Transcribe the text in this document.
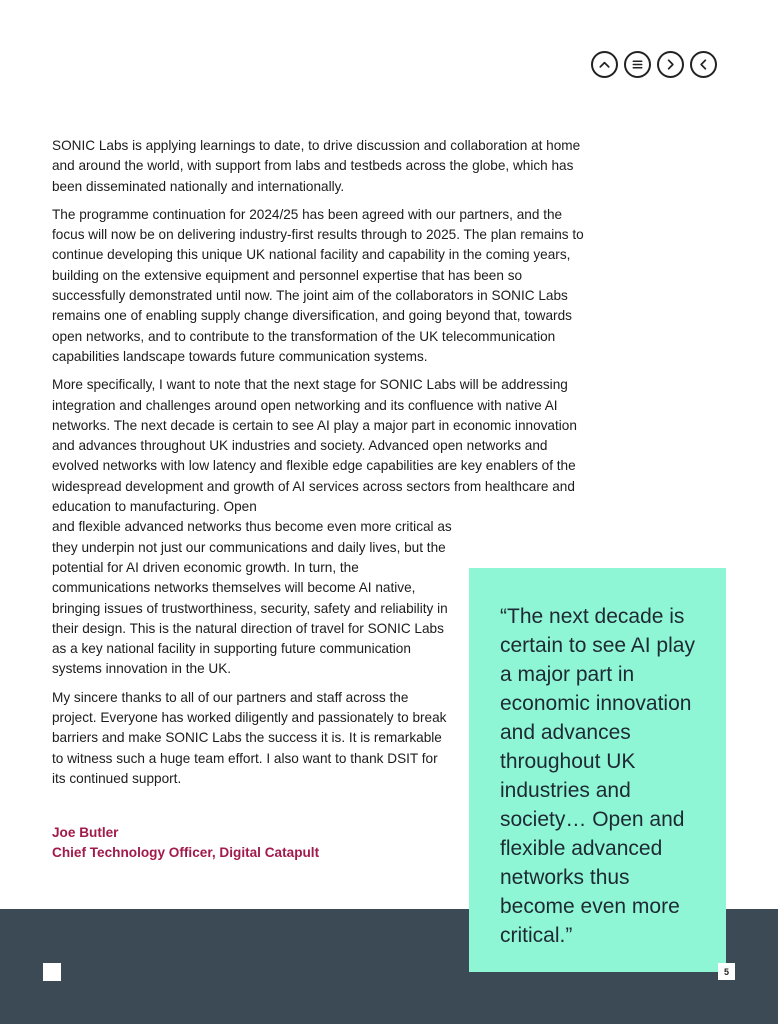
SONIC Labs is applying learnings to date, to drive discussion and collaboration at home and around the world, with support from labs and testbeds across the globe, which has been disseminated nationally and internationally.

The programme continuation for 2024/25 has been agreed with our partners, and the focus will now be on delivering industry-first results through to 2025. The plan remains to continue developing this unique UK national facility and capability in the coming years, building on the extensive equipment and personnel expertise that has been so successfully demonstrated until now. The joint aim of the collaborators in SONIC Labs remains one of enabling supply change diversification, and going beyond that, towards open networks, and to contribute to the transformation of the UK telecommunication capabilities landscape towards future communication systems.

More specifically, I want to note that the next stage for SONIC Labs will be addressing integration and challenges around open networking and its confluence with native AI networks. The next decade is certain to see AI play a major part in economic innovation and advances throughout UK industries and society. Advanced open networks and evolved networks with low latency and flexible edge capabilities are key enablers of the widespread development and growth of AI services across sectors from healthcare and education to manufacturing. Open
and flexible advanced networks thus become even more critical as they underpin not just our communications and daily lives, but the potential for AI driven economic growth. In turn, the communications networks themselves will become AI native, bringing issues of trustworthiness, security, safety and reliability in their design. This is the natural direction of travel for SONIC Labs as a key national facility in supporting future communication systems innovation in the UK.

My sincere thanks to all of our partners and staff across the project. Everyone has worked diligently and passionately to break barriers and make SONIC Labs the success it is. It is remarkable to witness such a huge team effort. I also want to thank DSIT for its continued support.

Joe Butler
Chief Technology Officer, Digital Catapult
“The next decade is certain to see AI play a major part in economic innovation and advances throughout UK industries and society… Open and flexible advanced networks thus become even more critical.”
5
